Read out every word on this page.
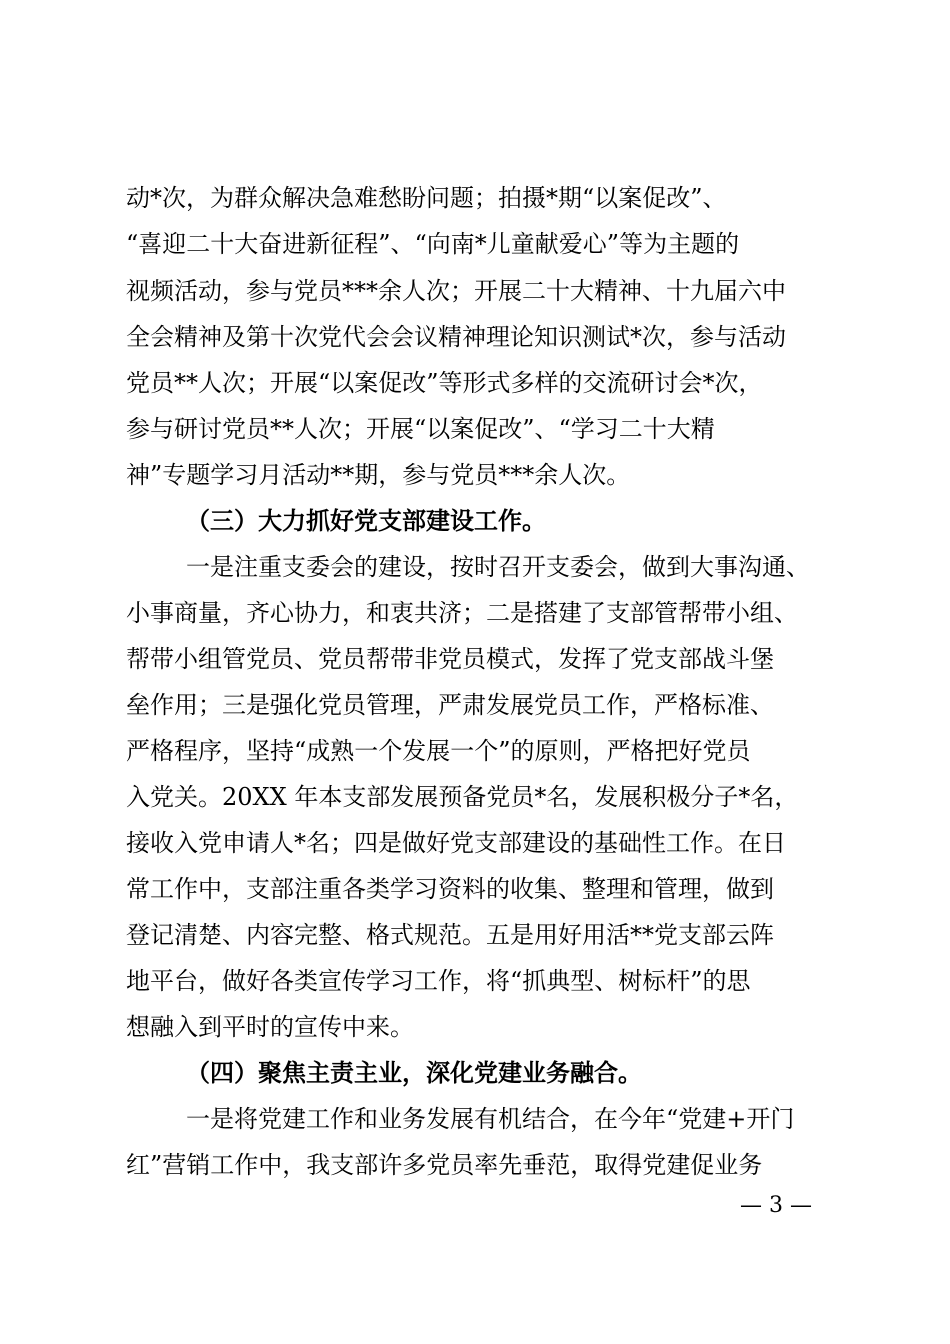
动*次，为群众解决急难愁盼问题；拍摄*期“以案促改”、
“喜迎二十大奋进新征程”、“向南*儿童献爱心”等为主题的
视频活动，参与党员***余人次；开展二十大精神、十九届六中
全会精神及第十次党代会会议精神理论知识测试*次，参与活动
党员**人次；开展“以案促改”等形式多样的交流研讨会*次，
参与研讨党员**人次；开展“以案促改”、“学习二十大精
神”专题学习月活动**期，参与党员***余人次。
（三）大力抓好党支部建设工作。
一是注重支委会的建设，按时召开支委会，做到大事沟通、
小事商量，齐心协力，和衷共济；二是搭建了支部管帮带小组、
帮带小组管党员、党员帮带非党员模式，发挥了党支部战斗堡
垒作用；三是强化党员管理，严肃发展党员工作，严格标准、
严格程序，坚持“成熟一个发展一个”的原则，严格把好党员
入党关。20XX 年本支部发展预备党员*名，发展积极分子*名，
接收入党申请人*名；四是做好党支部建设的基础性工作。在日
常工作中，支部注重各类学习资料的收集、整理和管理，做到
登记清楚、内容完整、格式规范。五是用好用活**党支部云阵
地平台，做好各类宣传学习工作，将“抓典型、树标杆”的思
想融入到平时的宣传中来。
（四）聚焦主责主业，深化党建业务融合。
一是将党建工作和业务发展有机结合，在今年“党建+开门
红”营销工作中，我支部许多党员率先垂范，取得党建促业务
— 3 —
